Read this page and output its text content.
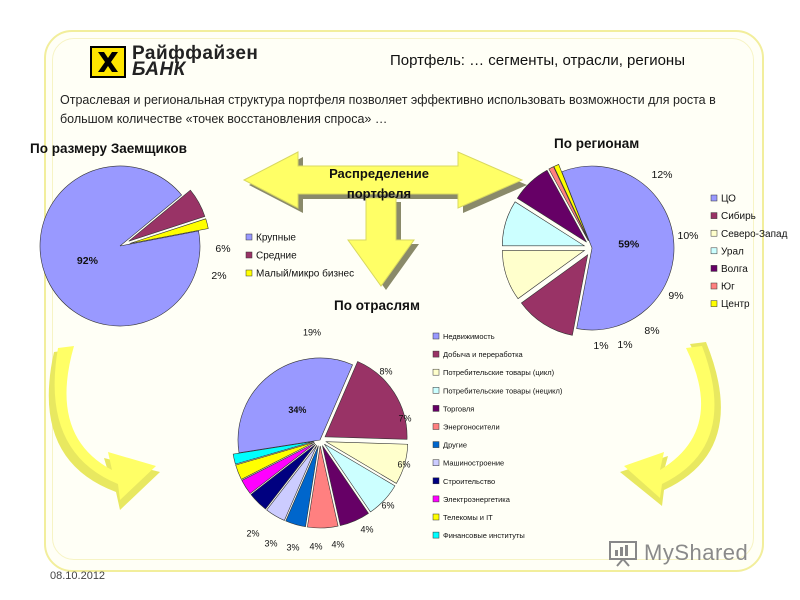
Райффайзен
БАНК	Портфель: … сегменты, отрасли, регионы
Отраслевая и региональная структура портфеля позволяет эффективно использовать возможности для роста в большом количестве «точек восстановления спроса» …
По размеру Заемщиков	По регионам
По отраслям
Распределение портфеля
92%
6%
2%
Крупные
Средние
Малый/микро бизнес
59%
12%
10%
9%
8%
1% 1%
ЦО
Сибирь
Северо-Запад
Урал
Волга
Юг
Центр
34%
19%
8%
7%
6%
6%
4%
4%
4%
3%
3%
2%
Недвижимость
Добыча и переработка
Потребительские товары (цикл)
Потребительские товары (нецикл)
Торговля
Энергоносители
Другие
Машиностроение
Строительство
Электроэнергетика
Телекомы и IT
Финансовые институты
08.10.2012
MyShared
